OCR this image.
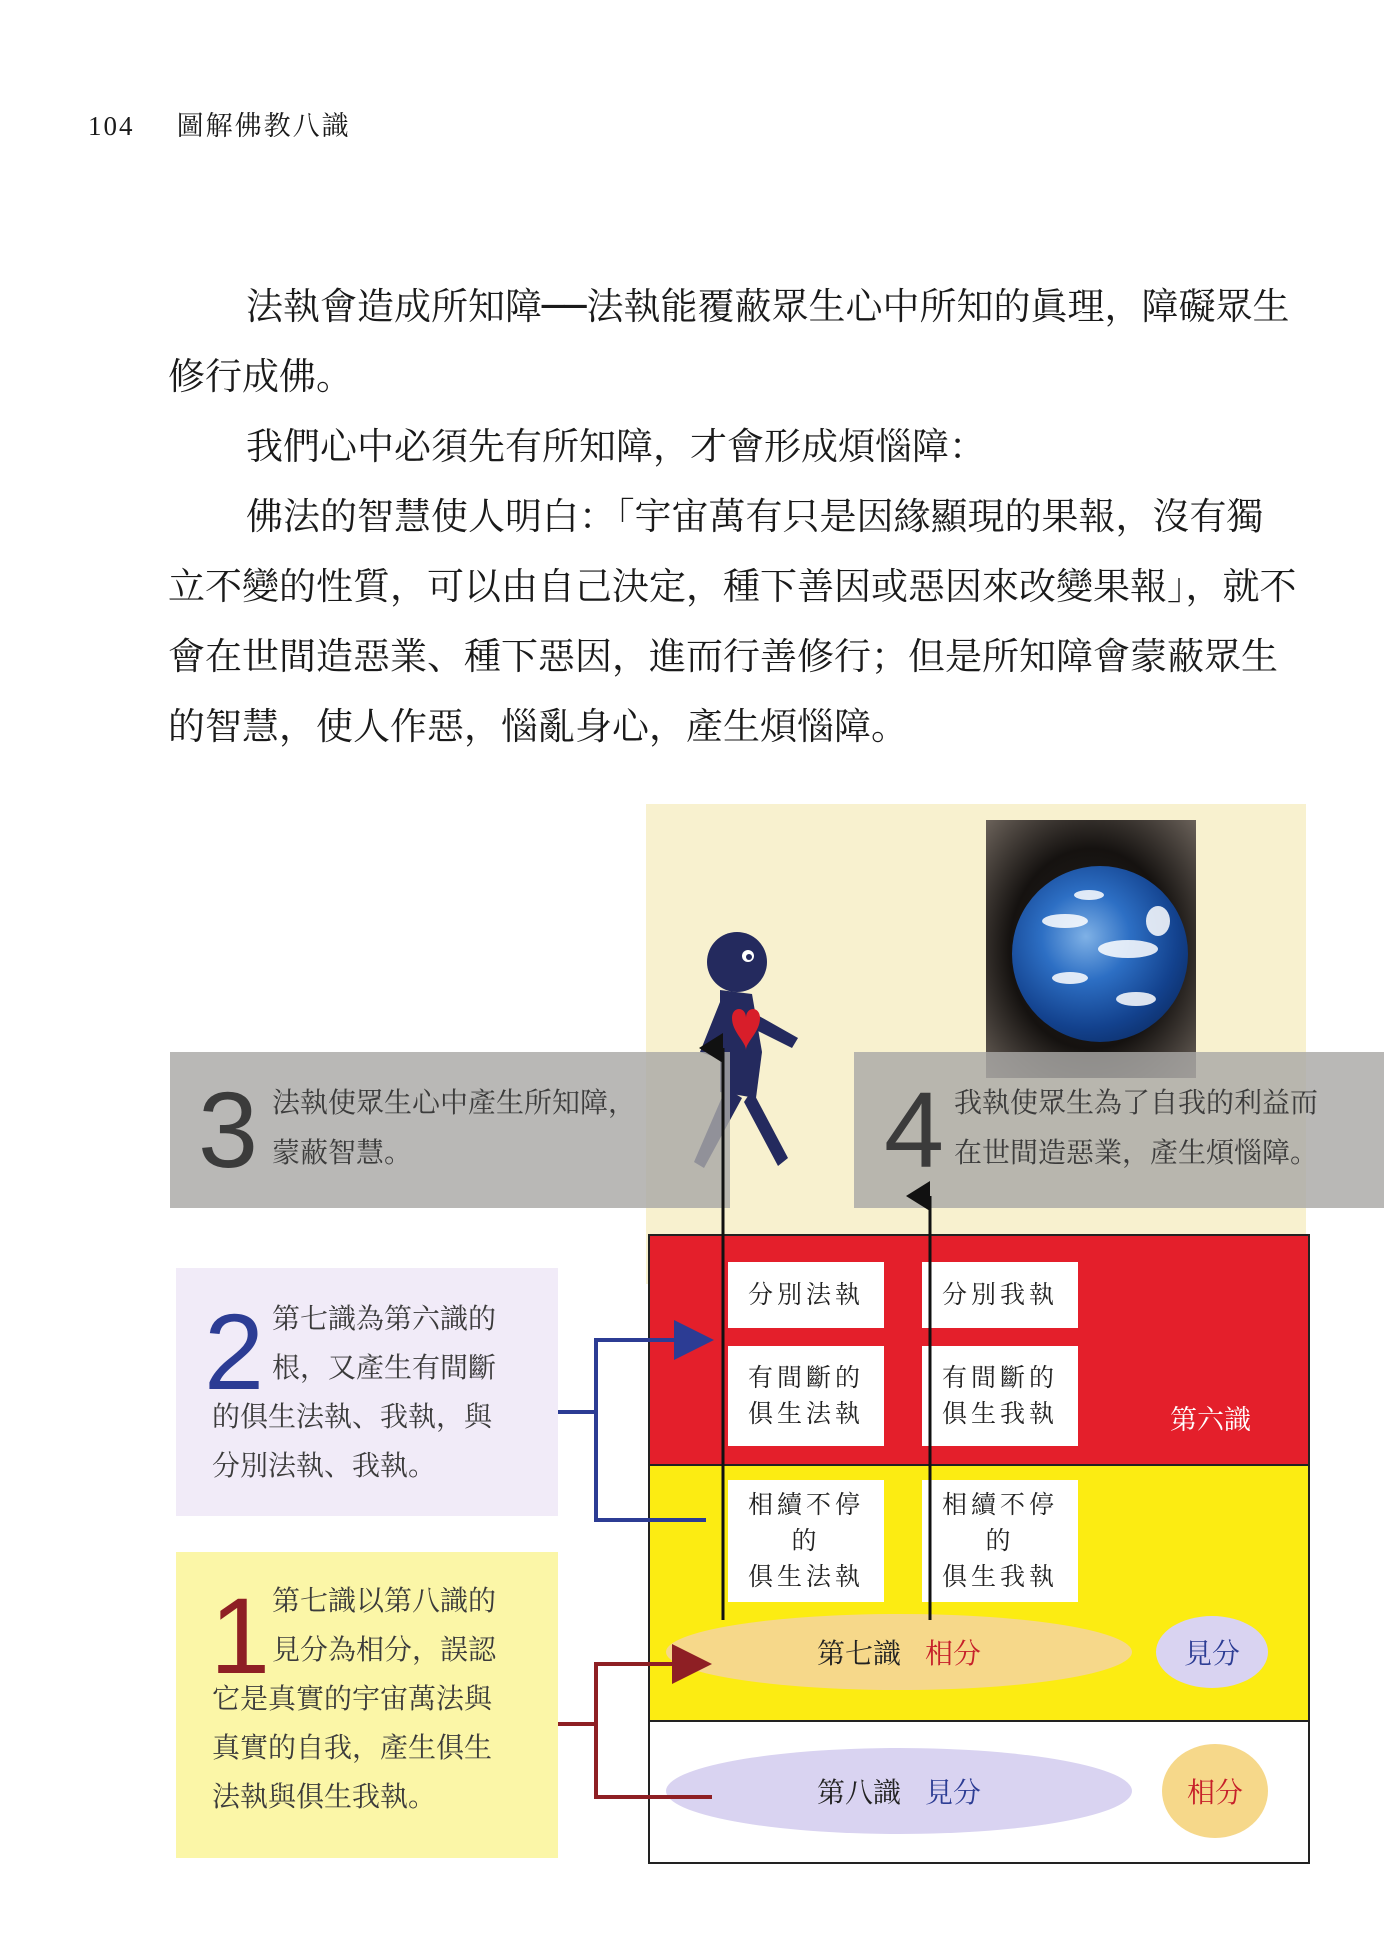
104 圖解佛教八識

法執會造成所知障──法執能覆蔽眾生心中所知的眞理，障礙眾生修行成佛。

我們心中必須先有所知障，才會形成煩惱障：

佛法的智慧使人明白：「宇宙萬有只是因緣顯現的果報，沒有獨立不變的性質，可以由自己決定，種下善因或惡因來改變果報」，就不會在世間造惡業、種下惡因，進而行善修行；但是所知障會蒙蔽眾生的智慧，使人作惡，惱亂身心，產生煩惱障。

3 法執使眾生心中產生所知障，
蒙蔽智慧。	4 我執使眾生為了自我的利益而
在世間造惡業，產生煩惱障。
2 第七識為第六識的
根，又產生有間斷
的俱生法執、我執，與
分別法執、我執。
1 第七識以第八識的
見分為相分，誤認
它是真實的宇宙萬法與
真實的自我，產生俱生
法執與俱生我執。
分別法執	分別我執
有間斷的
俱生法執
有間斷的
俱生我執	第六識
相續不停
的
俱生法執
相續不停
的
俱生我執
第七識 相分	見分
第八識 見分	相分
